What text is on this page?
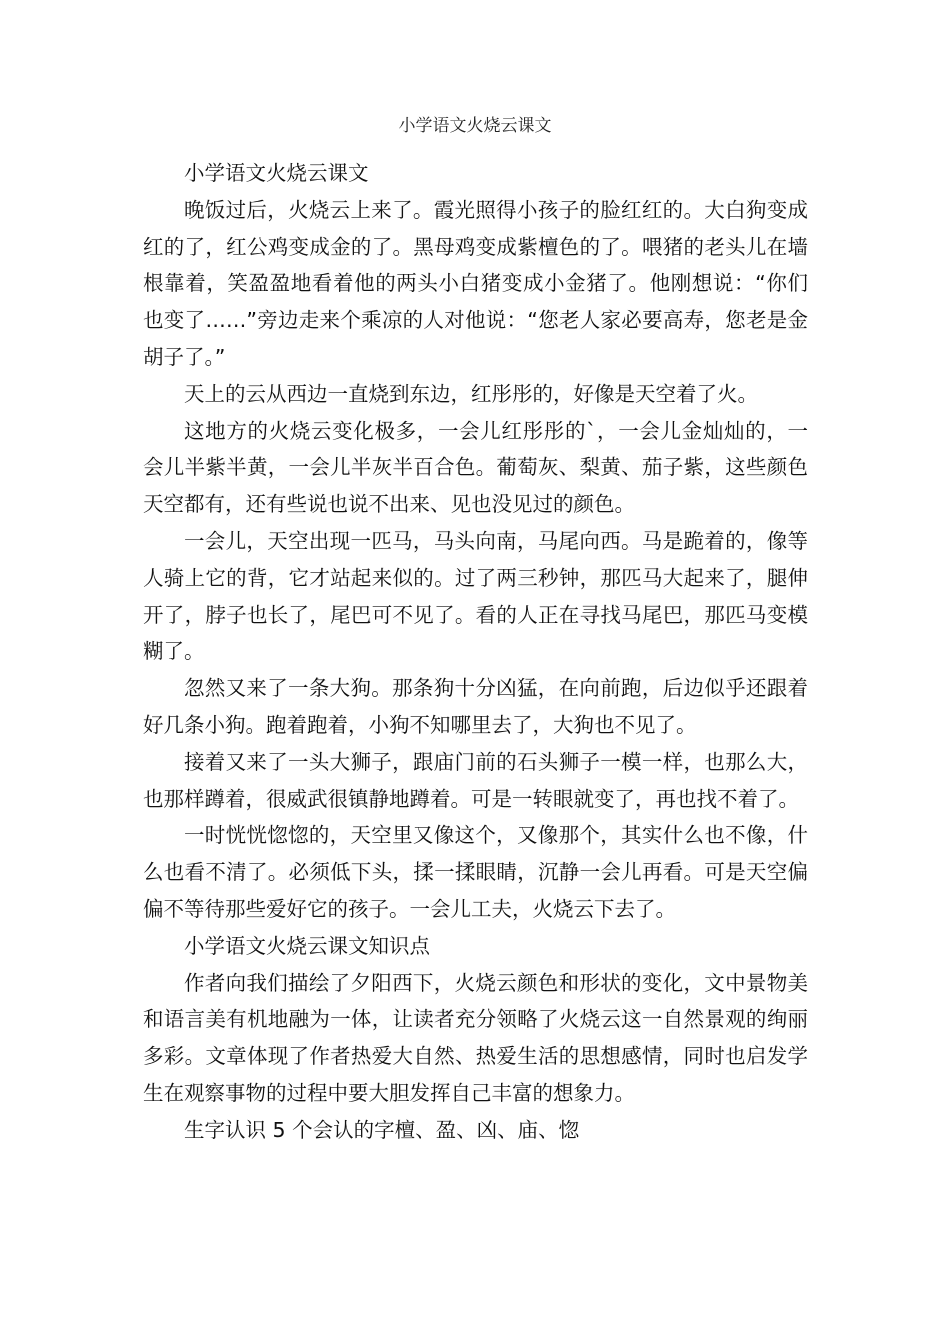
小学语文火烧云课文

小学语文火烧云课文

晚饭过后，火烧云上来了。霞光照得小孩子的脸红红的。大白狗变成红的了，红公鸡变成金的了。黑母鸡变成紫檀色的了。喂猪的老头儿在墙根靠着，笑盈盈地看着他的两头小白猪变成小金猪了。他刚想说：“你们也变了……”旁边走来个乘凉的人对他说：“您老人家必要高寿，您老是金胡子了。”

天上的云从西边一直烧到东边，红彤彤的，好像是天空着了火。

这地方的火烧云变化极多，一会儿红彤彤的`，一会儿金灿灿的，一会儿半紫半黄，一会儿半灰半百合色。葡萄灰、梨黄、茄子紫，这些颜色天空都有，还有些说也说不出来、见也没见过的颜色。

一会儿，天空出现一匹马，马头向南，马尾向西。马是跪着的，像等人骑上它的背，它才站起来似的。过了两三秒钟，那匹马大起来了，腿伸开了，脖子也长了，尾巴可不见了。看的人正在寻找马尾巴，那匹马变模糊了。

忽然又来了一条大狗。那条狗十分凶猛，在向前跑，后边似乎还跟着好几条小狗。跑着跑着，小狗不知哪里去了，大狗也不见了。

接着又来了一头大狮子，跟庙门前的石头狮子一模一样，也那么大，也那样蹲着，很威武很镇静地蹲着。可是一转眼就变了，再也找不着了。

一时恍恍惚惚的，天空里又像这个，又像那个，其实什么也不像，什么也看不清了。必须低下头，揉一揉眼睛，沉静一会儿再看。可是天空偏偏不等待那些爱好它的孩子。一会儿工夫，火烧云下去了。

小学语文火烧云课文知识点

作者向我们描绘了夕阳西下，火烧云颜色和形状的变化，文中景物美和语言美有机地融为一体，让读者充分领略了火烧云这一自然景观的绚丽多彩。文章体现了作者热爱大自然、热爱生活的思想感情，同时也启发学生在观察事物的过程中要大胆发挥自己丰富的想象力。

生字认识 5 个会认的字檀、盈、凶、庙、惚
